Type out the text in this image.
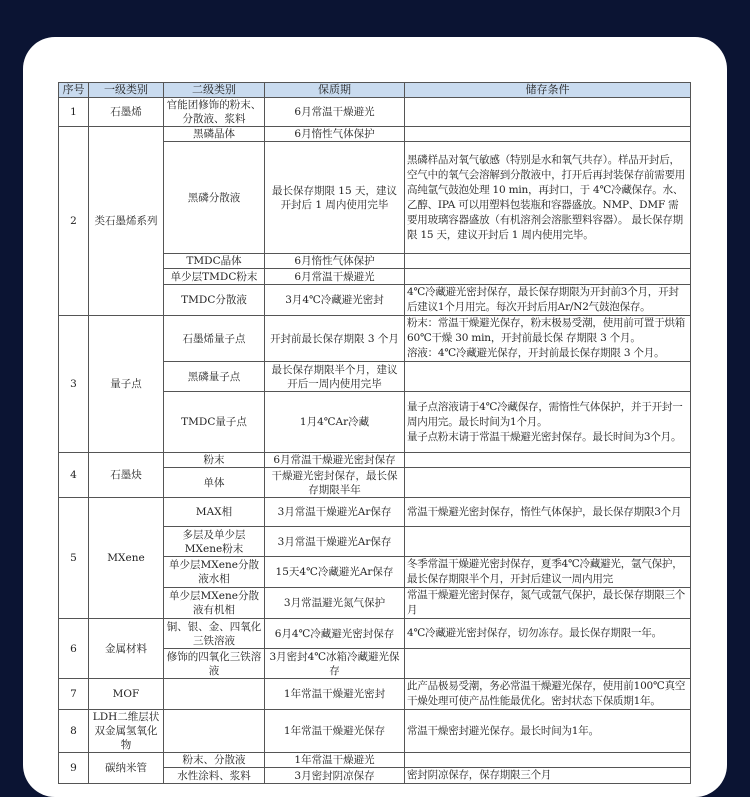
序号	一级类别	二级类别	保质期	储存条件
1	石墨烯	官能团修饰的粉末、分散液、浆料	6月常温干燥避光	
2	类石墨烯系列	黑磷晶体	6月惰性气体保护	
		黑磷分散液	最长保存期限 15 天，建议开封后 1 周内使用完毕	黑磷样品对氧气敏感（特别是水和氧气共存）。样品开封后，空气中的氧气会溶解到分散液中，打开后再封装保存前需要用高纯氩气鼓泡处理 10 min，再封口，于 4℃冷藏保存。水、乙醇、IPA 可以用塑料包装瓶和容器盛放。NMP、DMF 需要用玻璃容器盛放（有机溶剂会溶胀塑料容器）。 最长保存期限 15 天，建议开封后 1 周内使用完毕。
		TMDC晶体	6月惰性气体保护	
		单少层TMDC粉末	6月常温干燥避光	
		TMDC分散液	3月4℃冷藏避光密封	4℃冷藏避光密封保存，最长保存期限为开封前3个月，开封后建议1个月用完。每次开封后用Ar/N2气鼓泡保存。
3	量子点	石墨烯量子点	开封前最长保存期限 3 个月	粉末：常温干燥避光保存，粉末极易受潮，使用前可置于烘箱 60℃干燥 30 min，开封前最长保 存期限 3 个月。
溶液：4℃冷藏避光保存，开封前最长保存期限 3 个月。
		黑磷量子点	最长保存期限半个月，建议开后一周内使用完毕	
		TMDC量子点	1月4℃Ar冷藏	量子点溶液请于4℃冷藏保存，需惰性气体保护，并于开封一周内用完。最长时间为1个月。
量子点粉末请于常温干燥避光密封保存。最长时间为3个月。
4	石墨炔	粉末	6月常温干燥避光密封保存	
		单体	干燥避光密封保存，最长保存期限半年	
5	MXene	MAX相	3月常温干燥避光Ar保存	常温干燥避光密封保存，惰性气体保护，最长保存期限3个月
		多层及单少层MXene粉末	3月常温干燥避光Ar保存	
		单少层MXene分散液水相	15天4℃冷藏避光Ar保存	冬季常温干燥避光密封保存，夏季4℃冷藏避光，氩气保护，最长保存期限半个月，开封后建议一周内用完
		单少层MXene分散液有机相	3月常温避光氮气保护	常温干燥避光密封保存，氮气或氩气保护，最长保存期限三个月
6	金属材料	铜、银、金、四氧化三铁溶液	6月4℃冷藏避光密封保存	4℃冷藏避光密封保存，切勿冻存。最长保存期限一年。
		修饰的四氧化三铁溶液	3月密封4℃冰箱冷藏避光保存	
7	MOF		1年常温干燥避光密封	此产品极易受潮，务必常温干燥避光保存，使用前100℃真空干燥处理可使产品性能最优化。密封状态下保质期1年。
8	LDH二维层状双金属氢氧化物		1年常温干燥避光保存	常温干燥密封避光保存。最长时间为1年。
9	碳纳米管	粉末、分散液	1年常温干燥避光	
		水性涂料、浆料	3月密封阴凉保存	密封阴凉保存，保存期限三个月
